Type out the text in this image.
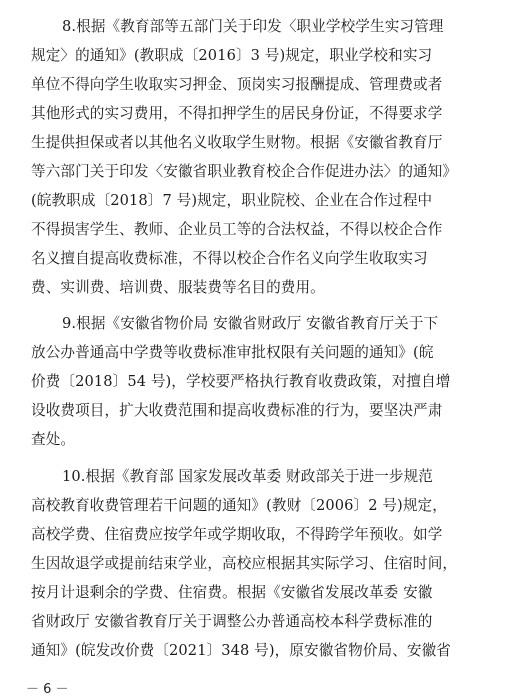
8.根据《教育部等五部门关于印发〈职业学校学生实习管理
规定〉的通知》(教职成〔2016〕3 号)规定，职业学校和实习
单位不得向学生收取实习押金、顶岗实习报酬提成、管理费或者
其他形式的实习费用，不得扣押学生的居民身份证，不得要求学
生提供担保或者以其他名义收取学生财物。根据《安徽省教育厅
等六部门关于印发〈安徽省职业教育校企合作促进办法〉的通知》
(皖教职成〔2018〕7 号)规定，职业院校、企业在合作过程中
不得损害学生、教师、企业员工等的合法权益，不得以校企合作
名义擅自提高收费标准，不得以校企合作名义向学生收取实习
费、实训费、培训费、服装费等名目的费用。
9.根据《安徽省物价局 安徽省财政厅 安徽省教育厅关于下
放公办普通高中学费等收费标准审批权限有关问题的通知》(皖
价费〔2018〕54 号)，学校要严格执行教育收费政策，对擅自增
设收费项目，扩大收费范围和提高收费标准的行为，要坚决严肃
查处。
10.根据《教育部 国家发展改革委 财政部关于进一步规范
高校教育收费管理若干问题的通知》(教财〔2006〕2 号)规定，
高校学费、住宿费应按学年或学期收取，不得跨学年预收。如学
生因故退学或提前结束学业，高校应根据其实际学习、住宿时间，
按月计退剩余的学费、住宿费。根据《安徽省发展改革委 安徽
省财政厅 安徽省教育厅关于调整公办普通高校本科学费标准的
通知》(皖发改价费〔2021〕348 号)，原安徽省物价局、安徽省
－ 6 －
